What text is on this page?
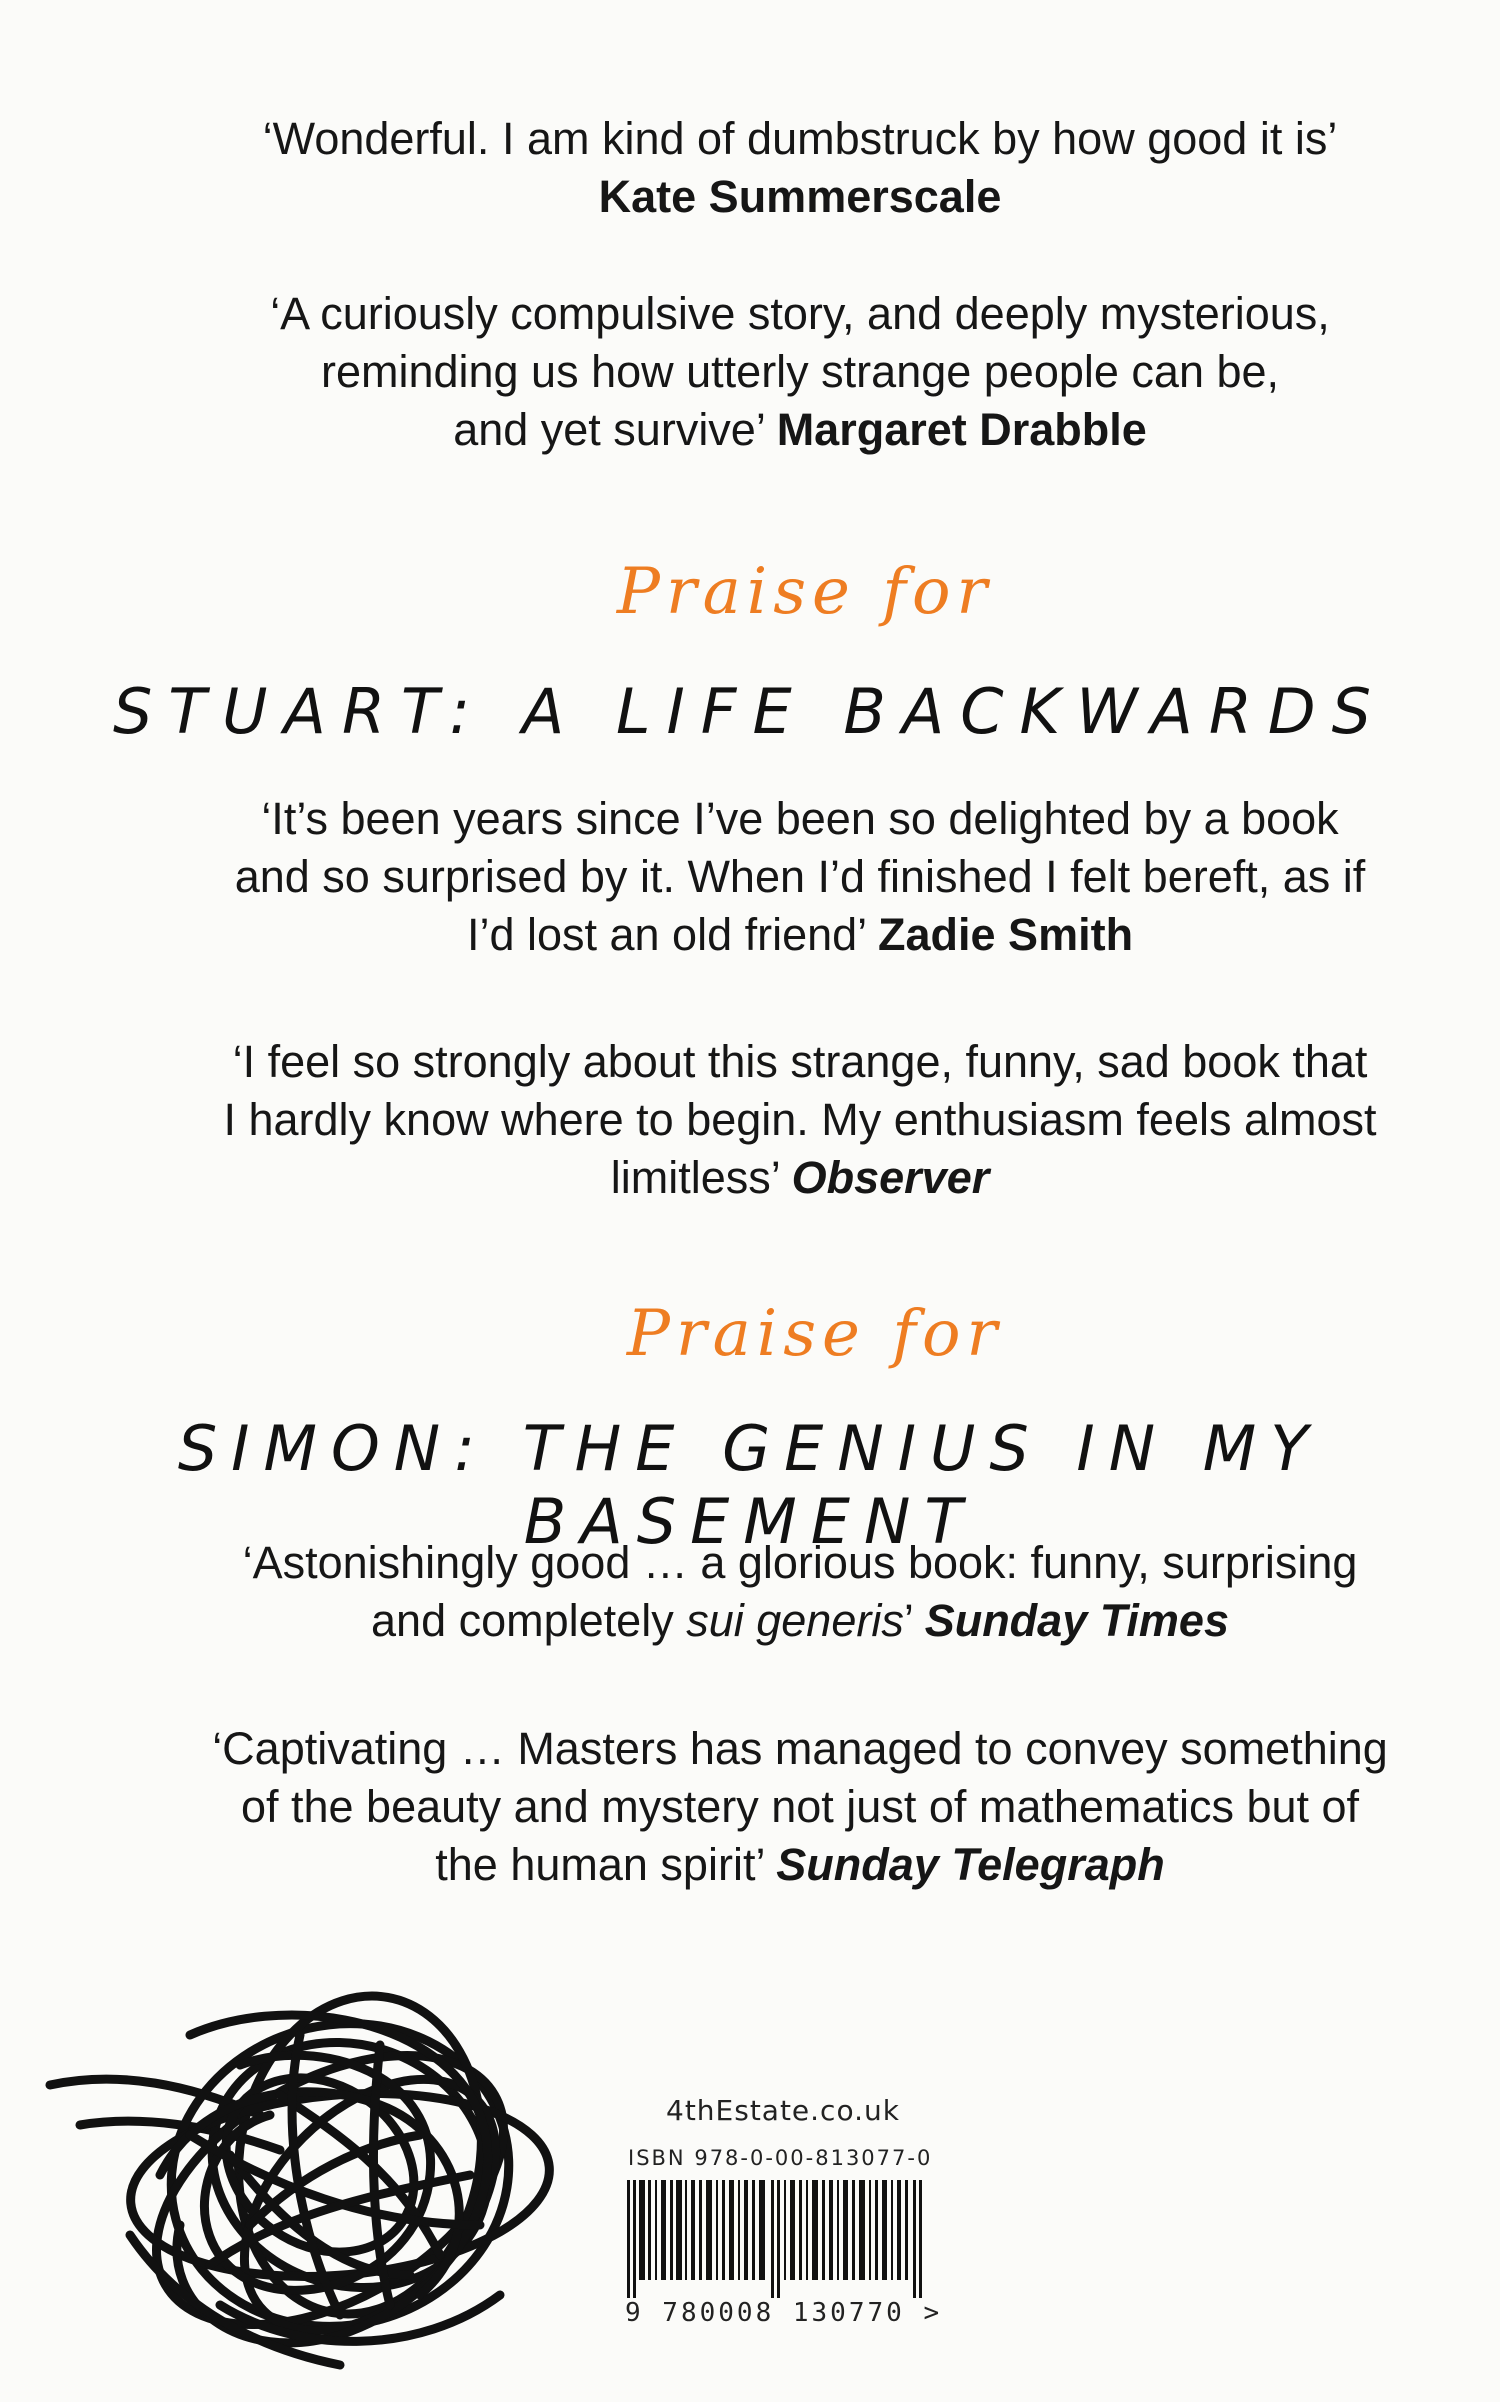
‘Wonderful. I am kind of dumbstruck by how good it is’
Kate Summerscale
‘A curiously compulsive story, and deeply mysterious,
reminding us how utterly strange people can be,
and yet survive’ Margaret Drabble
Praise for
STUART: A LIFE BACKWARDS
‘It’s been years since I’ve been so delighted by a book
and so surprised by it. When I’d finished I felt bereft, as if
I’d lost an old friend’ Zadie Smith
‘I feel so strongly about this strange, funny, sad book that
I hardly know where to begin. My enthusiasm feels almost
limitless’ Observer
Praise for
SIMON: THE GENIUS IN MY BASEMENT
‘Astonishingly good … a glorious book: funny, surprising
and completely sui generis’ Sunday Times
‘Captivating … Masters has managed to convey something
of the beauty and mystery not just of mathematics but of
the human spirit’ Sunday Telegraph
4thEstate.co.uk
ISBN 978-0-00-813077-0
9 780008 130770 >
